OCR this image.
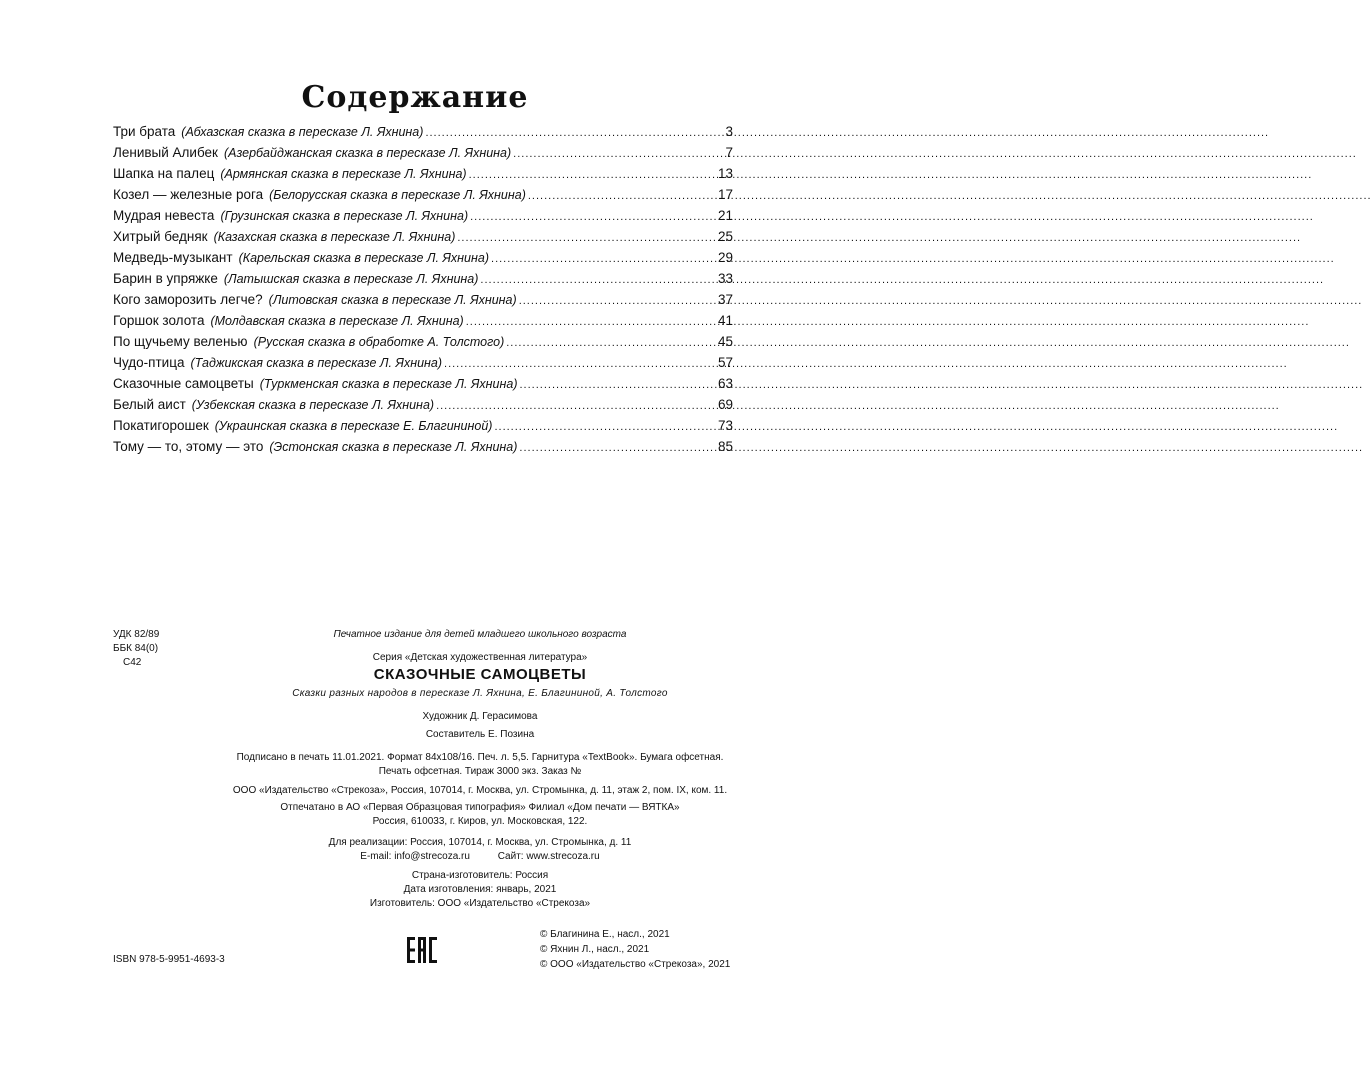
Содержание
Три брата (Абхазская сказка в пересказе Л. Яхнина) .....	3
Ленивый Алибек (Азербайджанская сказка в пересказе Л. Яхнина) .....	7
Шапка на палец (Армянская сказка в пересказе Л. Яхнина) .....	13
Козел — железные рога (Белорусская сказка в пересказе Л. Яхнина) .....	17
Мудрая невеста (Грузинская сказка в пересказе Л. Яхнина) .....	21
Хитрый бедняк (Казахская сказка в пересказе Л. Яхнина) .....	25
Медведь-музыкант (Карельская сказка в пересказе Л. Яхнина) .....	29
Барин в упряжке (Латышская сказка в пересказе Л. Яхнина) .....	33
Кого заморозить легче? (Литовская сказка в пересказе Л. Яхнина) .....	37
Горшок золота (Молдавская сказка в пересказе Л. Яхнина) .....	41
По щучьему веленью (Русская сказка в обработке А. Толстого) .....	45
Чудо-птица (Таджикская сказка в пересказе Л. Яхнина) .....	57
Сказочные самоцветы (Туркменская сказка в пересказе Л. Яхнина) .....	63
Белый аист (Узбекская сказка в пересказе Л. Яхнина) .....	69
Покатигорошек (Украинская сказка в пересказе Е. Благининой) .....	73
Тому — то, этому — это (Эстонская сказка в пересказе Л. Яхнина) .....	85
УДК 82/89
ББК 84(0)
С42
Печатное издание для детей младшего школьного возраста
Серия «Детская художественная литература»
СКАЗОЧНЫЕ САМОЦВЕТЫ
Сказки разных народов в пересказе Л. Яхнина, Е. Благининой, А. Толстого
Художник Д. Герасимова
Составитель Е. Позина
Подписано в печать 11.01.2021. Формат 84х108/16. Печ. л. 5,5. Гарнитура «TextBook». Бумага офсетная.
Печать офсетная. Тираж 3000 экз. Заказ №
ООО «Издательство «Стрекоза», Россия, 107014, г. Москва, ул. Стромынка, д. 11, этаж 2, пом. IX, ком. 11.
Отпечатано в АО «Первая Образцовая типография» Филиал «Дом печати — ВЯТКА»
Россия, 610033, г. Киров, ул. Московская, 122.
Для реализации: Россия, 107014, г. Москва, ул. Стромынка, д. 11
E-mail: info@strecoza.ru          Сайт: www.strecoza.ru
Страна-изготовитель: Россия
Дата изготовления: январь, 2021
Изготовитель: ООО «Издательство «Стрекоза»
ISBN 978-5-9951-4693-3
© Благинина Е., насл., 2021
© Яхнин Л., насл., 2021
© ООО «Издательство «Стрекоза», 2021
